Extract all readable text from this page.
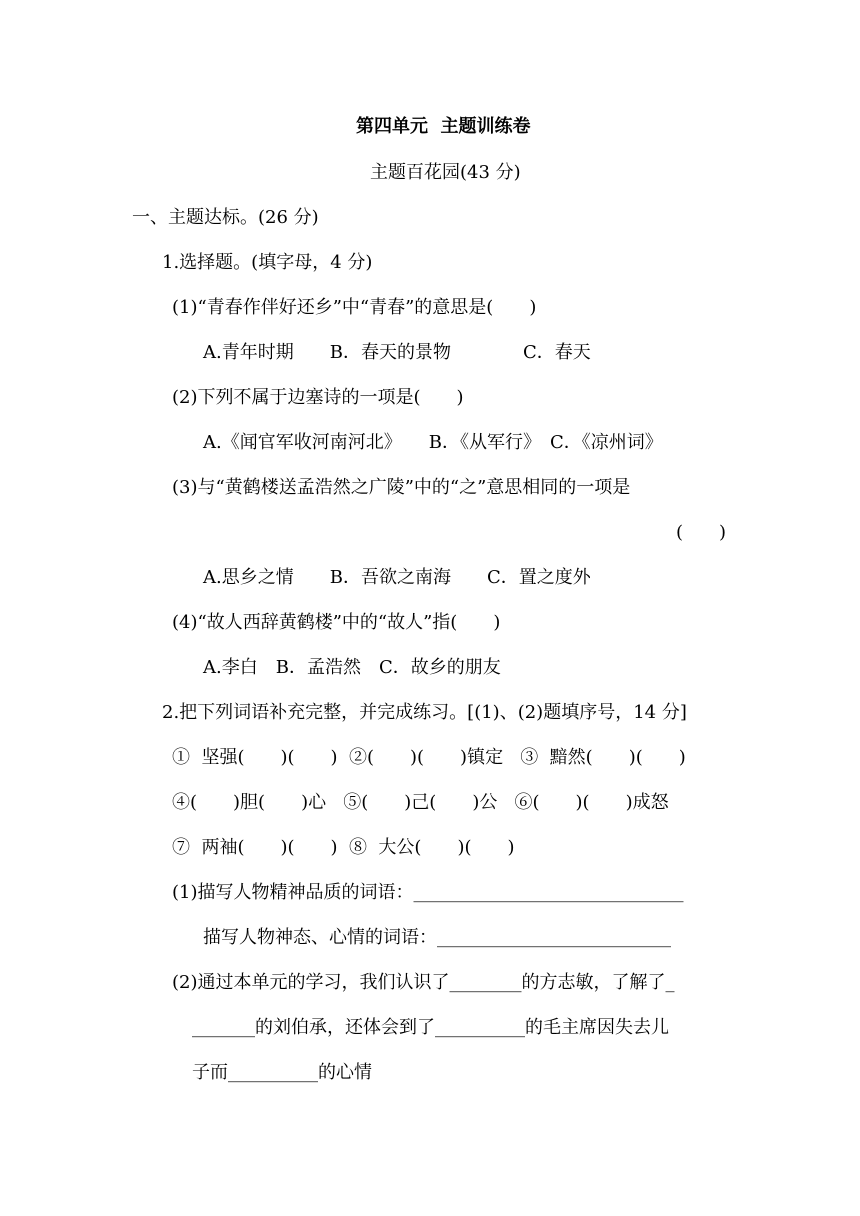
第四单元  主题训练卷
主题百花园(43 分)
一、主题达标。(26 分)
1.选择题。(填字母，4 分)
(1)“青春作伴好还乡”中“青春”的意思是(　　)
A.青年时期　　B．春天的景物　　　　C．春天
(2)下列不属于边塞诗的一项是(　　)
A.《闻官军收河南河北》　　B．《从军行》　C．《凉州词》
(3)与“黄鹤楼送孟浩然之广陵”中的“之”意思相同的一项是
(　　)
A.思乡之情　　B．吾欲之南海　　C．置之度外
(4)“故人西辞黄鹤楼”中的“故人”指(　　)
A.李白　B．孟浩然　C．故乡的朋友
2.把下列词语补充完整，并完成练习。[(1)、(2)题填序号，14 分]
①  坚强(　　)(　　)  ②(　　)(　　)镇定   ③  黯然(　　)(　　)
④(　　)胆(　　)心   ⑤(　　)己(　　)公   ⑥(　　)(　　)成怒
⑦  两袖(　　)(　　)  ⑧  大公(　　)(　　)
(1)描写人物精神品质的词语：______________________________
描写人物神态、心情的词语：__________________________
(2)通过本单元的学习，我们认识了________的方志敏，了解了_
_______的刘伯承，还体会到了__________的毛主席因失去儿
子而__________的心情
